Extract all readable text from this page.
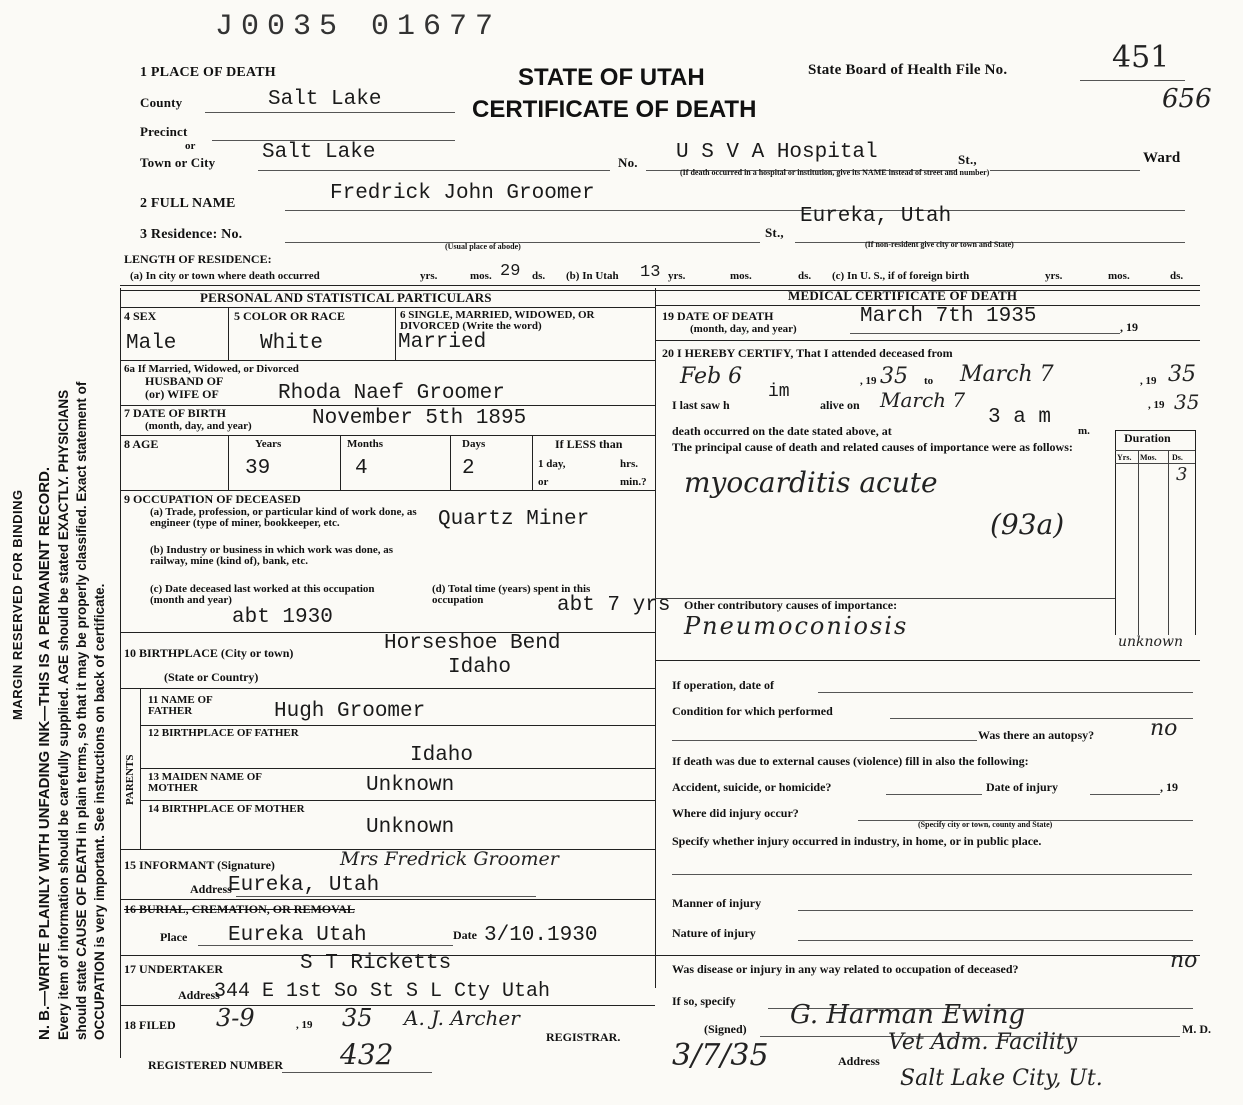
J0035 01677
MARGIN RESERVED FOR BINDING N. B.—WRITE PLAINLY WITH UNFADING INK—THIS IS A PERMANENT RECORD. Every item of information should be carefully supplied. AGE should be stated EXACTLY. PHYSICIANS should state CAUSE OF DEATH in plain terms, so that it may be properly classified. Exact statement of OCCUPATION is very important. See instructions on back of certificate.
1 PLACE OF DEATH	STATE OF UTAH
CERTIFICATE OF DEATH
State Board of Health File No.	451
656
County	Salt Lake
Precinct
or
Town or City Salt Lake	No. U S V A Hospital	St.,	Ward
(If death occurred in a hospital or institution, give its NAME instead of street and number)
2 FULL NAME	Fredrick John Groomer
3 Residence: No.
(Usual place of abode)
St.,
Eureka, Utah
(If non-resident give city or town and State)
LENGTH OF RESIDENCE:
(a) In city or town where death occurred	yrs.	mos. 29 ds. (b) In Utah 13 yrs.	mos.	ds. (c) In U. S., if of foreign birth	yrs.	mos.	ds.
PERSONAL AND STATISTICAL PARTICULARS	MEDICAL CERTIFICATE OF DEATH
4 SEX
Male
5 COLOR OR RACE
White
6 SINGLE, MARRIED, WIDOWED, OR DIVORCED (Write the word)
Married
6a If Married, Widowed, or Divorced
HUSBAND OF
(or) WIFE OF	Rhoda Naef Groomer
7 DATE OF BIRTH
(month, day, and year)	November 5th 1895
8 AGE	Years	Months	Days	If LESS than
39	4	2	1 day,	hrs.
or	min.?
9 OCCUPATION OF DECEASED
(a) Trade, profession, or particular kind of work done, as engineer (type of miner, bookkeeper, etc.	Quartz Miner
(b) Industry or business in which work was done, as railway, mine (kind of), bank, etc.
(c) Date deceased last worked at this occupation (month and year)
abt 1930
(d) Total time (years) spent in this occupation	abt 7 yrs
10 BIRTHPLACE (City or town)	Horseshoe Bend
Idaho
(State or Country)
PARENTS
11 NAME OF FATHER	Hugh Groomer
12 BIRTHPLACE OF FATHER
Idaho
13 MAIDEN NAME OF MOTHER	Unknown
14 BIRTHPLACE OF MOTHER
Unknown
15 INFORMANT (Signature)	Mrs Fredrick Groomer
Address
Eureka, Utah
16 BURIAL, CREMATION, OR REMOVAL
Place Eureka Utah	Date 3/10.1930
17 UNDERTAKER	S T Ricketts
Address
344 E 1st So St S L Cty Utah
18 FILED 3-9	, 19 35 A. J. Archer
REGISTRAR.
REGISTERED NUMBER 432
19 DATE OF DEATH
(month, day, and year)
March 7th 1935	, 19
20 I HEREBY CERTIFY, That I attended deceased from
Feb 6	, 19 35 to March 7	, 19 35
I last saw h
im
alive on March 7	, 19 35
death occurred on the date stated above, at
3 a m
m.
The principal cause of death and related causes of importance were as follows:
Duration
Yrs. Mos. Ds.
3
myocarditis acute
(93a)
Other contributory causes of importance:
Pneumoconiosis
unknown
If operation, date of
Condition for which performed
Was there an autopsy?	no
If death was due to external causes (violence) fill in also the following:
Accident, suicide, or homicide?	Date of injury	, 19
Where did injury occur?
(Specify city or town, county and State)
Specify whether injury occurred in industry, in home, or in public place.
Manner of injury
Nature of injury
Was disease or injury in any way related to occupation of deceased?	no
If so, specify
(Signed) G. Harman Ewing	M. D.
3/7/35	Address
Vet Adm. Facility
Salt Lake City, Ut.
